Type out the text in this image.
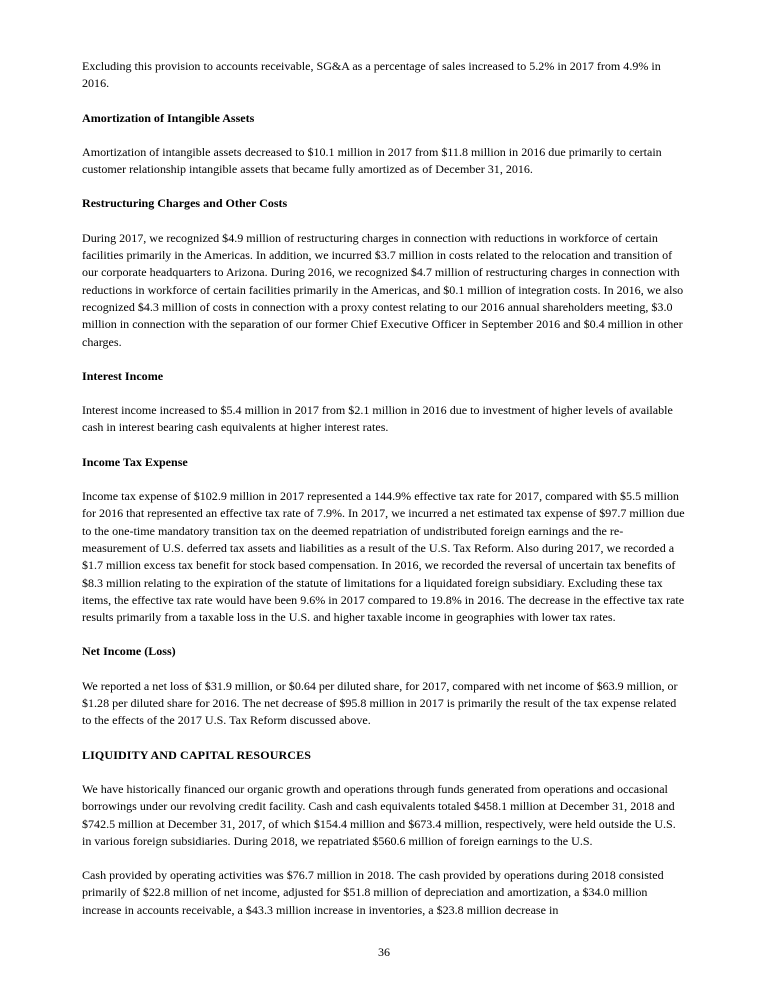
Excluding this provision to accounts receivable, SG&A as a percentage of sales increased to 5.2% in 2017 from 4.9% in 2016.

Amortization of Intangible Assets

Amortization of intangible assets decreased to $10.1 million in 2017 from $11.8 million in 2016 due primarily to certain customer relationship intangible assets that became fully amortized as of December 31, 2016.

Restructuring Charges and Other Costs

During 2017, we recognized $4.9 million of restructuring charges in connection with reductions in workforce of certain facilities primarily in the Americas. In addition, we incurred $3.7 million in costs related to the relocation and transition of our corporate headquarters to Arizona. During 2016, we recognized $4.7 million of restructuring charges in connection with reductions in workforce of certain facilities primarily in the Americas, and $0.1 million of integration costs. In 2016, we also recognized $4.3 million of costs in connection with a proxy contest relating to our 2016 annual shareholders meeting, $3.0 million in connection with the separation of our former Chief Executive Officer in September 2016 and $0.4 million in other charges.

Interest Income

Interest income increased to $5.4 million in 2017 from $2.1 million in 2016 due to investment of higher levels of available cash in interest bearing cash equivalents at higher interest rates.

Income Tax Expense

Income tax expense of $102.9 million in 2017 represented a 144.9% effective tax rate for 2017, compared with $5.5 million for 2016 that represented an effective tax rate of 7.9%. In 2017, we incurred a net estimated tax expense of $97.7 million due to the one-time mandatory transition tax on the deemed repatriation of undistributed foreign earnings and the re-measurement of U.S. deferred tax assets and liabilities as a result of the U.S. Tax Reform. Also during 2017, we recorded a $1.7 million excess tax benefit for stock based compensation. In 2016, we recorded the reversal of uncertain tax benefits of $8.3 million relating to the expiration of the statute of limitations for a liquidated foreign subsidiary. Excluding these tax items, the effective tax rate would have been 9.6% in 2017 compared to 19.8% in 2016. The decrease in the effective tax rate results primarily from a taxable loss in the U.S. and higher taxable income in geographies with lower tax rates.

Net Income (Loss)

We reported a net loss of $31.9 million, or $0.64 per diluted share, for 2017, compared with net income of $63.9 million, or $1.28 per diluted share for 2016. The net decrease of $95.8 million in 2017 is primarily the result of the tax expense related to the effects of the 2017 U.S. Tax Reform discussed above.

LIQUIDITY AND CAPITAL RESOURCES

We have historically financed our organic growth and operations through funds generated from operations and occasional borrowings under our revolving credit facility. Cash and cash equivalents totaled $458.1 million at December 31, 2018 and $742.5 million at December 31, 2017, of which $154.4 million and $673.4 million, respectively, were held outside the U.S. in various foreign subsidiaries. During 2018, we repatriated $560.6 million of foreign earnings to the U.S.

Cash provided by operating activities was $76.7 million in 2018. The cash provided by operations during 2018 consisted primarily of $22.8 million of net income, adjusted for $51.8 million of depreciation and amortization, a $34.0 million increase in accounts receivable, a $43.3 million increase in inventories, a $23.8 million decrease in

36
